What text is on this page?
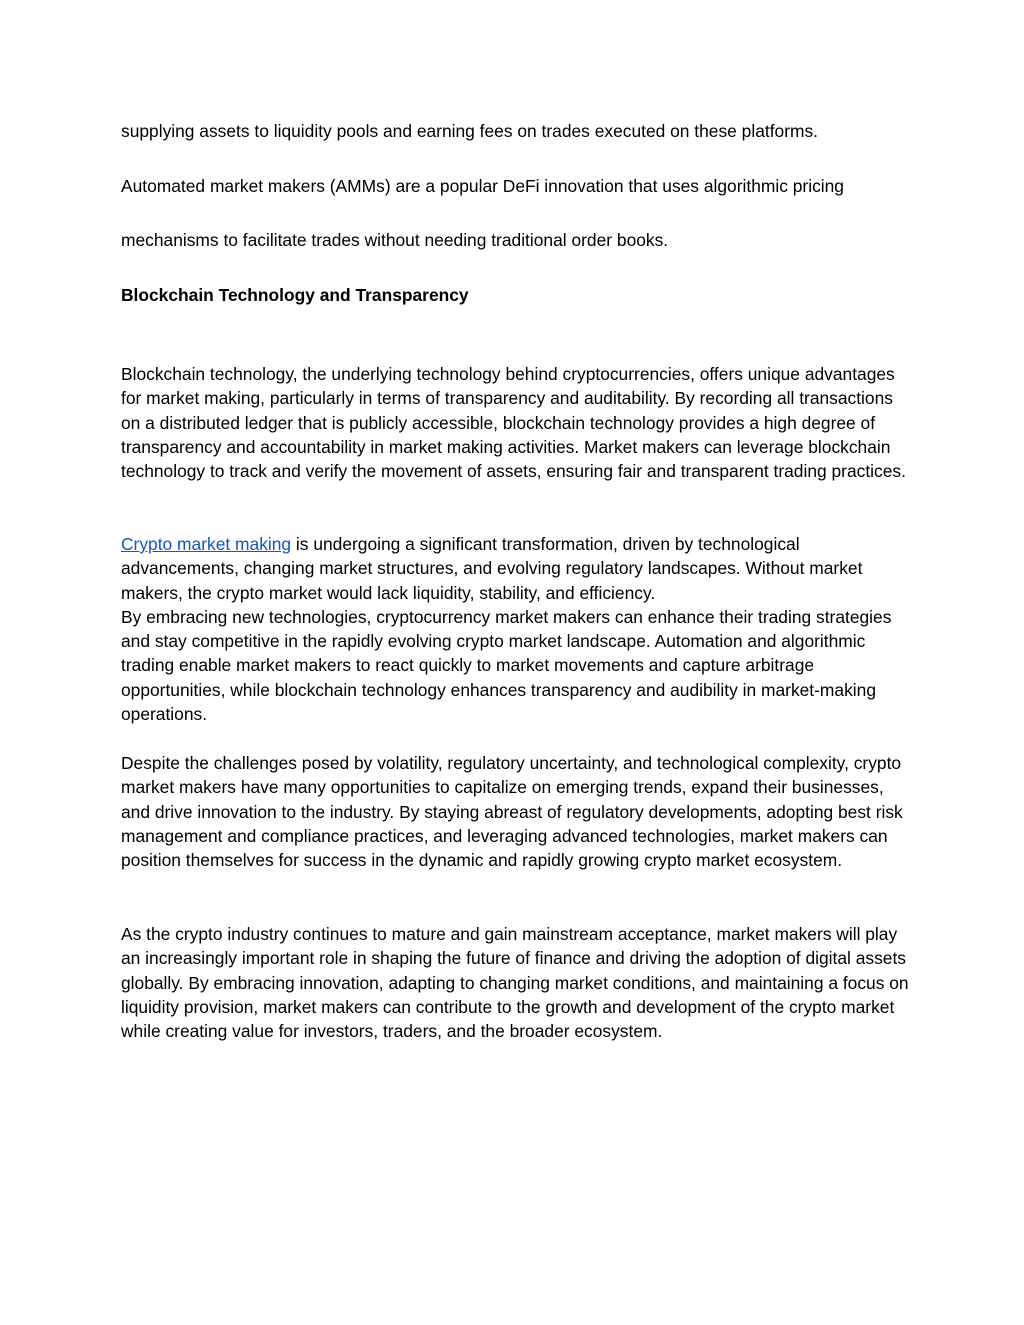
supplying assets to liquidity pools and earning fees on trades executed on these platforms.
Automated market makers (AMMs) are a popular DeFi innovation that uses algorithmic pricing
mechanisms to facilitate trades without needing traditional order books.
Blockchain Technology and Transparency

Blockchain technology, the underlying technology behind cryptocurrencies, offers unique advantages for market making, particularly in terms of transparency and auditability. By recording all transactions on a distributed ledger that is publicly accessible, blockchain technology provides a high degree of transparency and accountability in market making activities. Market makers can leverage blockchain technology to track and verify the movement of assets, ensuring fair and transparent trading practices.

Crypto market making is undergoing a significant transformation, driven by technological advancements, changing market structures, and evolving regulatory landscapes. Without market makers, the crypto market would lack liquidity, stability, and efficiency.
By embracing new technologies, cryptocurrency market makers can enhance their trading strategies and stay competitive in the rapidly evolving crypto market landscape. Automation and algorithmic trading enable market makers to react quickly to market movements and capture arbitrage opportunities, while blockchain technology enhances transparency and audibility in market-making operations.

Despite the challenges posed by volatility, regulatory uncertainty, and technological complexity, crypto market makers have many opportunities to capitalize on emerging trends, expand their businesses, and drive innovation to the industry. By staying abreast of regulatory developments, adopting best risk management and compliance practices, and leveraging advanced technologies, market makers can position themselves for success in the dynamic and rapidly growing crypto market ecosystem.

As the crypto industry continues to mature and gain mainstream acceptance, market makers will play an increasingly important role in shaping the future of finance and driving the adoption of digital assets globally. By embracing innovation, adapting to changing market conditions, and maintaining a focus on liquidity provision, market makers can contribute to the growth and development of the crypto market while creating value for investors, traders, and the broader ecosystem.
